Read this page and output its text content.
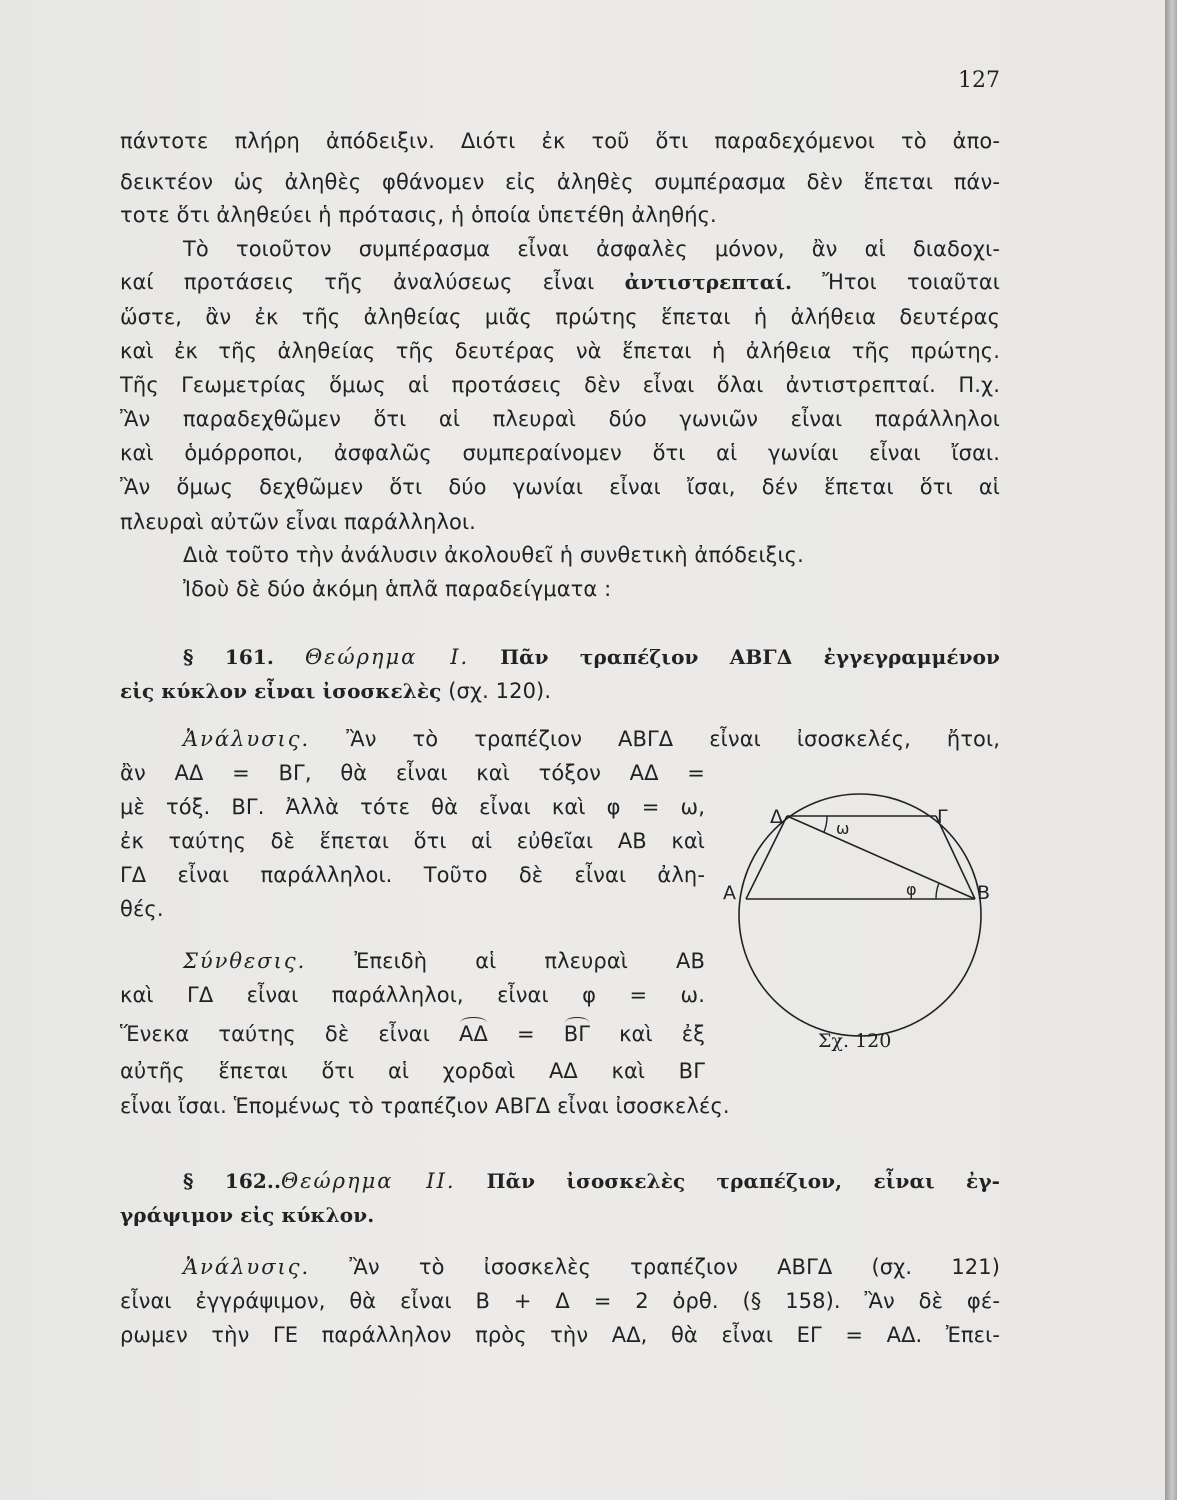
127
πάντοτε πλήρη ἀπόδειξιν. Διότι ἐκ τοῦ ὅτι παραδεχόμενοι τὸ ἀπο-
δεικτέον ὡς ἀληθὲς φθάνομεν εἰς ἀληθὲς συμπέρασμα δὲν ἕπεται πάν-
τοτε ὅτι ἀληθεύει ἡ πρότασις, ἡ ὁποία ὑπετέθη ἀληθής.
Τὸ τοιοῦτον συμπέρασμα εἶναι ἀσφαλὲς μόνον, ἂν αἱ διαδοχι-
καί προτάσεις τῆς ἀναλύσεως εἶναι ἀντιστρεπταί. Ἤτοι τοιαῦται
ὥστε, ἂν ἐκ τῆς ἀληθείας μιᾶς πρώτης ἕπεται ἡ ἀλήθεια δευτέρας
καὶ ἐκ τῆς ἀληθείας τῆς δευτέρας νὰ ἕπεται ἡ ἀλήθεια τῆς πρώτης.
Τῆς Γεωμετρίας ὅμως αἱ προτάσεις δὲν εἶναι ὅλαι ἀντιστρεπταί. Π.χ.
Ἂν παραδεχθῶμεν ὅτι αἱ πλευραὶ δύο γωνιῶν εἶναι παράλληλοι
καὶ ὁμόρροποι, ἀσφαλῶς συμπεραίνομεν ὅτι αἱ γωνίαι εἶναι ἴσαι.
Ἂν ὅμως δεχθῶμεν ὅτι δύο γωνίαι εἶναι ἴσαι, δέν ἕπεται ὅτι αἱ
πλευραὶ αὐτῶν εἶναι παράλληλοι.
Διὰ τοῦτο τὴν ἀνάλυσιν ἀκολουθεῖ ἡ συνθετικὴ ἀπόδειξις.
Ἰδοὺ δὲ δύο ἀκόμη ἁπλᾶ παραδείγματα :
§ 161. Θεώρημα Ι. Πᾶν τραπέζιον ΑΒΓΔ ἐγγεγραμμένον
εἰς κύκλον εἶναι ἰσοσκελὲς (σχ. 120).
Ἀνάλυσις. Ἂν τὸ τραπέζιον ΑΒΓΔ εἶναι ἰσοσκελές, ἤτοι,
ἂν ΑΔ = ΒΓ, θὰ εἶναι καὶ τόξον ΑΔ =
μὲ τόξ. ΒΓ. Ἀλλὰ τότε θὰ εἶναι καὶ φ = ω,
ἐκ ταύτης δὲ ἕπεται ὅτι αἱ εὐθεῖαι ΑΒ καὶ
ΓΔ εἶναι παράλληλοι. Τοῦτο δὲ εἶναι ἀλη-
θές.
Σύνθεσις. Ἐπειδὴ αἱ πλευραὶ ΑΒ
καὶ ΓΔ εἶναι παράλληλοι, εἶναι φ = ω.
Ἕνεκα ταύτης δὲ εἶναι ΑΔ = ΒΓ καὶ ἐξ
αὐτῆς ἕπεται ὅτι αἱ χορδαὶ ΑΔ καὶ ΒΓ
εἶναι ἴσαι. Ἑπομένως τὸ τραπέζιον ΑΒΓΔ εἶναι ἰσοσκελές.
Δ	Γ
Α	Β
ω
φ
Σχ. 120
§ 162..Θεώρημα ΙΙ. Πᾶν ἰσοσκελὲς τραπέζιον, εἶναι ἐγ-
γράψιμον εἰς κύκλον.
Ἀνάλυσις. Ἂν τὸ ἰσοσκελὲς τραπέζιον ΑΒΓΔ (σχ. 121)
εἶναι ἐγγράψιμον, θὰ εἶναι Β + Δ = 2 ὀρθ. (§ 158). Ἂν δὲ φέ-
ρωμεν τὴν ΓΕ παράλληλον πρὸς τὴν ΑΔ, θὰ εἶναι ΕΓ = ΑΔ. Ἐπει-
